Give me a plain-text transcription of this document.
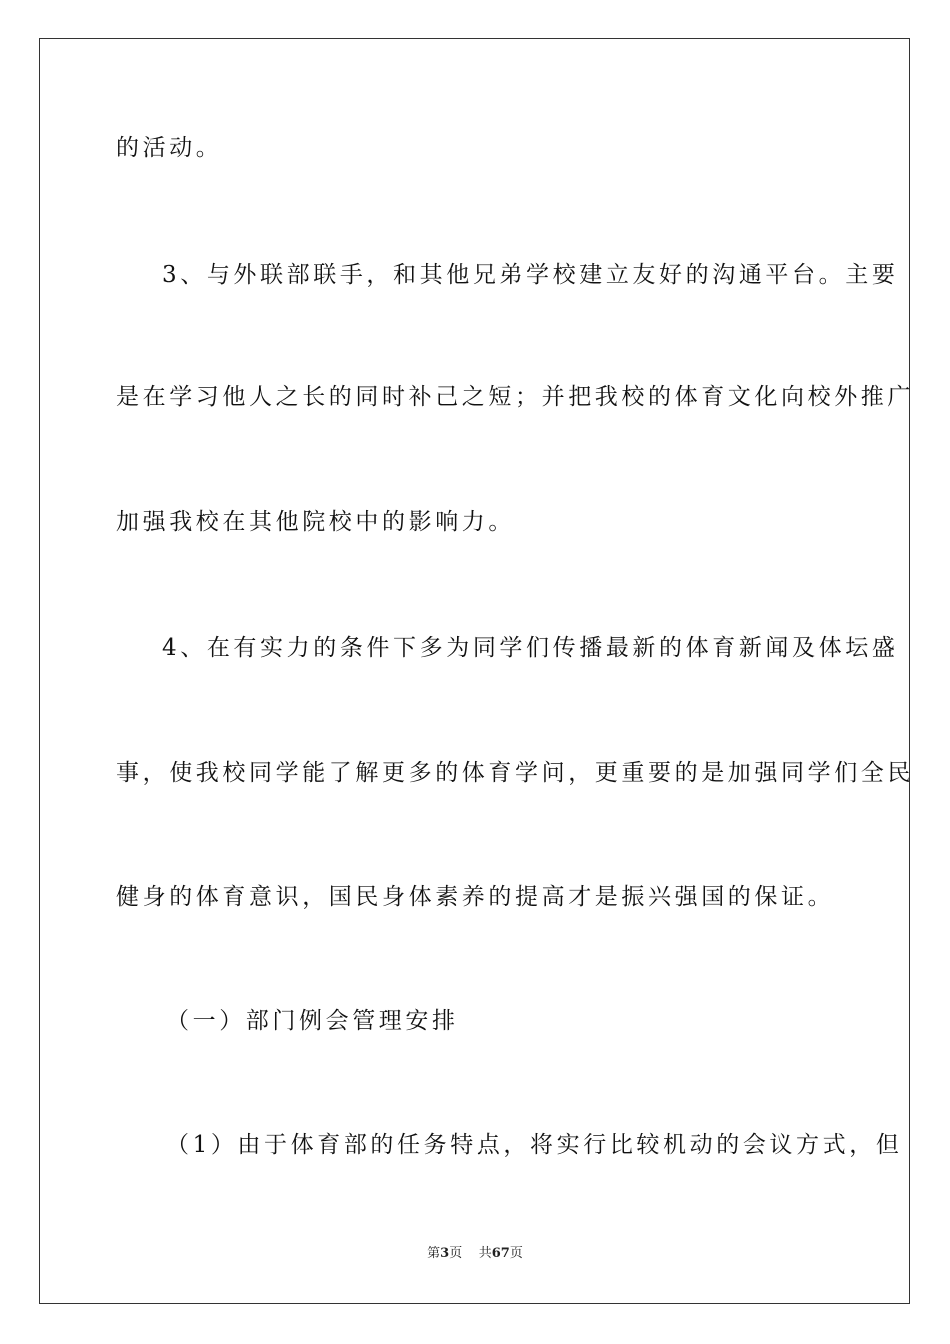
的活动。
3、与外联部联手，和其他兄弟学校建立友好的沟通平台。主要
是在学习他人之长的同时补己之短；并把我校的体育文化向校外推广
加强我校在其他院校中的影响力。
4、在有实力的条件下多为同学们传播最新的体育新闻及体坛盛
事，使我校同学能了解更多的体育学问，更重要的是加强同学们全民
健身的体育意识，国民身体素养的提高才是振兴强国的保证。
（一）部门例会管理安排
（1）由于体育部的任务特点，将实行比较机动的会议方式，但
第3页 共67页
